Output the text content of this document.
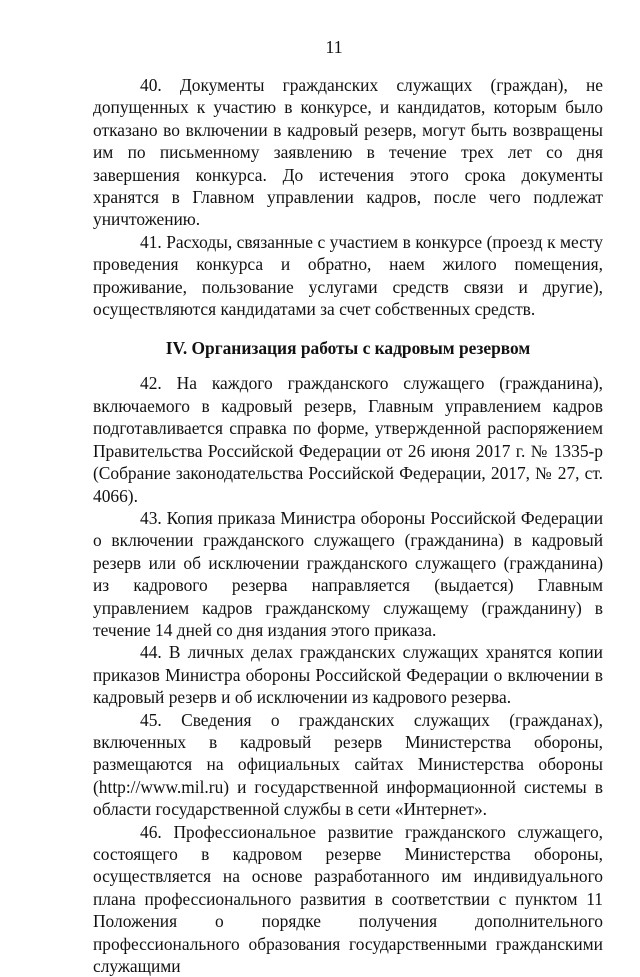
11

40. Документы гражданских служащих (граждан), не допущенных к участию в конкурсе, и кандидатов, которым было отказано во включении в кадровый резерв, могут быть возвращены им по письменному заявлению в течение трех лет со дня завершения конкурса. До истечения этого срока документы хранятся в Главном управлении кадров, после чего подлежат уничтожению.

41. Расходы, связанные с участием в конкурсе (проезд к месту проведения конкурса и обратно, наем жилого помещения, проживание, пользование услугами средств связи и другие), осуществляются кандидатами за счет собственных средств.

IV. Организация работы с кадровым резервом

42. На каждого гражданского служащего (гражданина), включаемого в кадровый резерв, Главным управлением кадров подготавливается справка по форме, утвержденной распоряжением Правительства Российской Федерации от 26 июня 2017 г. № 1335-р (Собрание законодательства Российской Федерации, 2017, № 27, ст. 4066).

43. Копия приказа Министра обороны Российской Федерации о включении гражданского служащего (гражданина) в кадровый резерв или об исключении гражданского служащего (гражданина) из кадрового резерва направляется (выдается) Главным управлением кадров гражданскому служащему (гражданину) в течение 14 дней со дня издания этого приказа.

44. В личных делах гражданских служащих хранятся копии приказов Министра обороны Российской Федерации о включении в кадровый резерв и об исключении из кадрового резерва.

45. Сведения о гражданских служащих (гражданах), включенных в кадровый резерв Министерства обороны, размещаются на официальных сайтах Министерства обороны (http://www.mil.ru) и государственной информационной системы в области государственной службы в сети «Интернет».

46. Профессиональное развитие гражданского служащего, состоящего в кадровом резерве Министерства обороны, осуществляется на основе разработанного им индивидуального плана профессионального развития в соответствии с пунктом 11 Положения о порядке получения дополнительного профессионального образования государственными гражданскими служащими
